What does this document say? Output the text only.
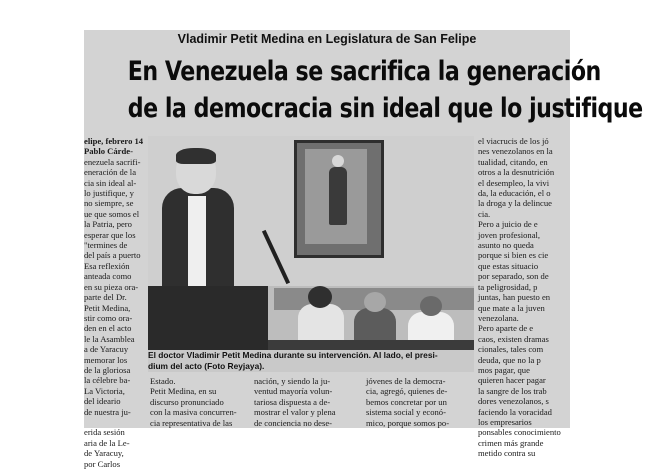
Vladimir Petit Medina en Legislatura de San Felipe
En Venezuela se sacrifica la generación
de la democracia sin ideal que lo justifique
elipe, febrero 14
Pablo Cárde-
enezuela sacrifi-
eneración de la
cia sin ideal al-
lo justifique, y
no siempre, se
ue que somos el
la Patria, pero
esperar que los
"termines de
del país a puerto
Esa reflexión
anteada como
en su pieza ora-
parte del Dr.
Petit Medina,
stir como ora-
den en el acto
le la Asamblea
a de Yaracuy
memorar los
de la gloriosa
la célebre ba-
La Victoria,
del ideario
de nuestra ju-

erida sesión
aria de la Le-
de Yaracuy,
por Carlos
El doctor Vladimir Petit Medina durante su intervención. Al lado, el presi-
dium del acto (Foto Reyjaya).
Estado.
Petit Medina, en su
discurso pronunciado
con la masiva concurren-
cia representativa de las
nación, y siendo la ju-
ventud mayoría volun-
tariosa dispuesta a de-
mostrar el valor y plena
de conciencia no dese-
jóvenes de la democra-
cia, agregó, quienes de-
bemos concretar por un
sistema social y econó-
mico, porque somos po-
el viacrucis de los jó
nes venezolanos en la
tualidad, citando, en
otros a la desnutrición
el desempleo, la vivi
da, la educación, el o
la droga y la delincue
cia.
Pero a juicio de e
joven profesional,
asunto no queda
porque si bien es cie
que estas situacio
por separado, son de
ta peligrosidad, p
juntas, han puesto en
que mate a la juven
venezolana.
Pero aparte de e
caos, existen dramas
cionales, tales com
deuda, que no la p
mos pagar, que
quieren hacer pagar
la sangre de los trab
dores venezolanos, s
faciendo la voracidad
los empresarios
ponsables conocimiento
crimen más grande
metido contra su
